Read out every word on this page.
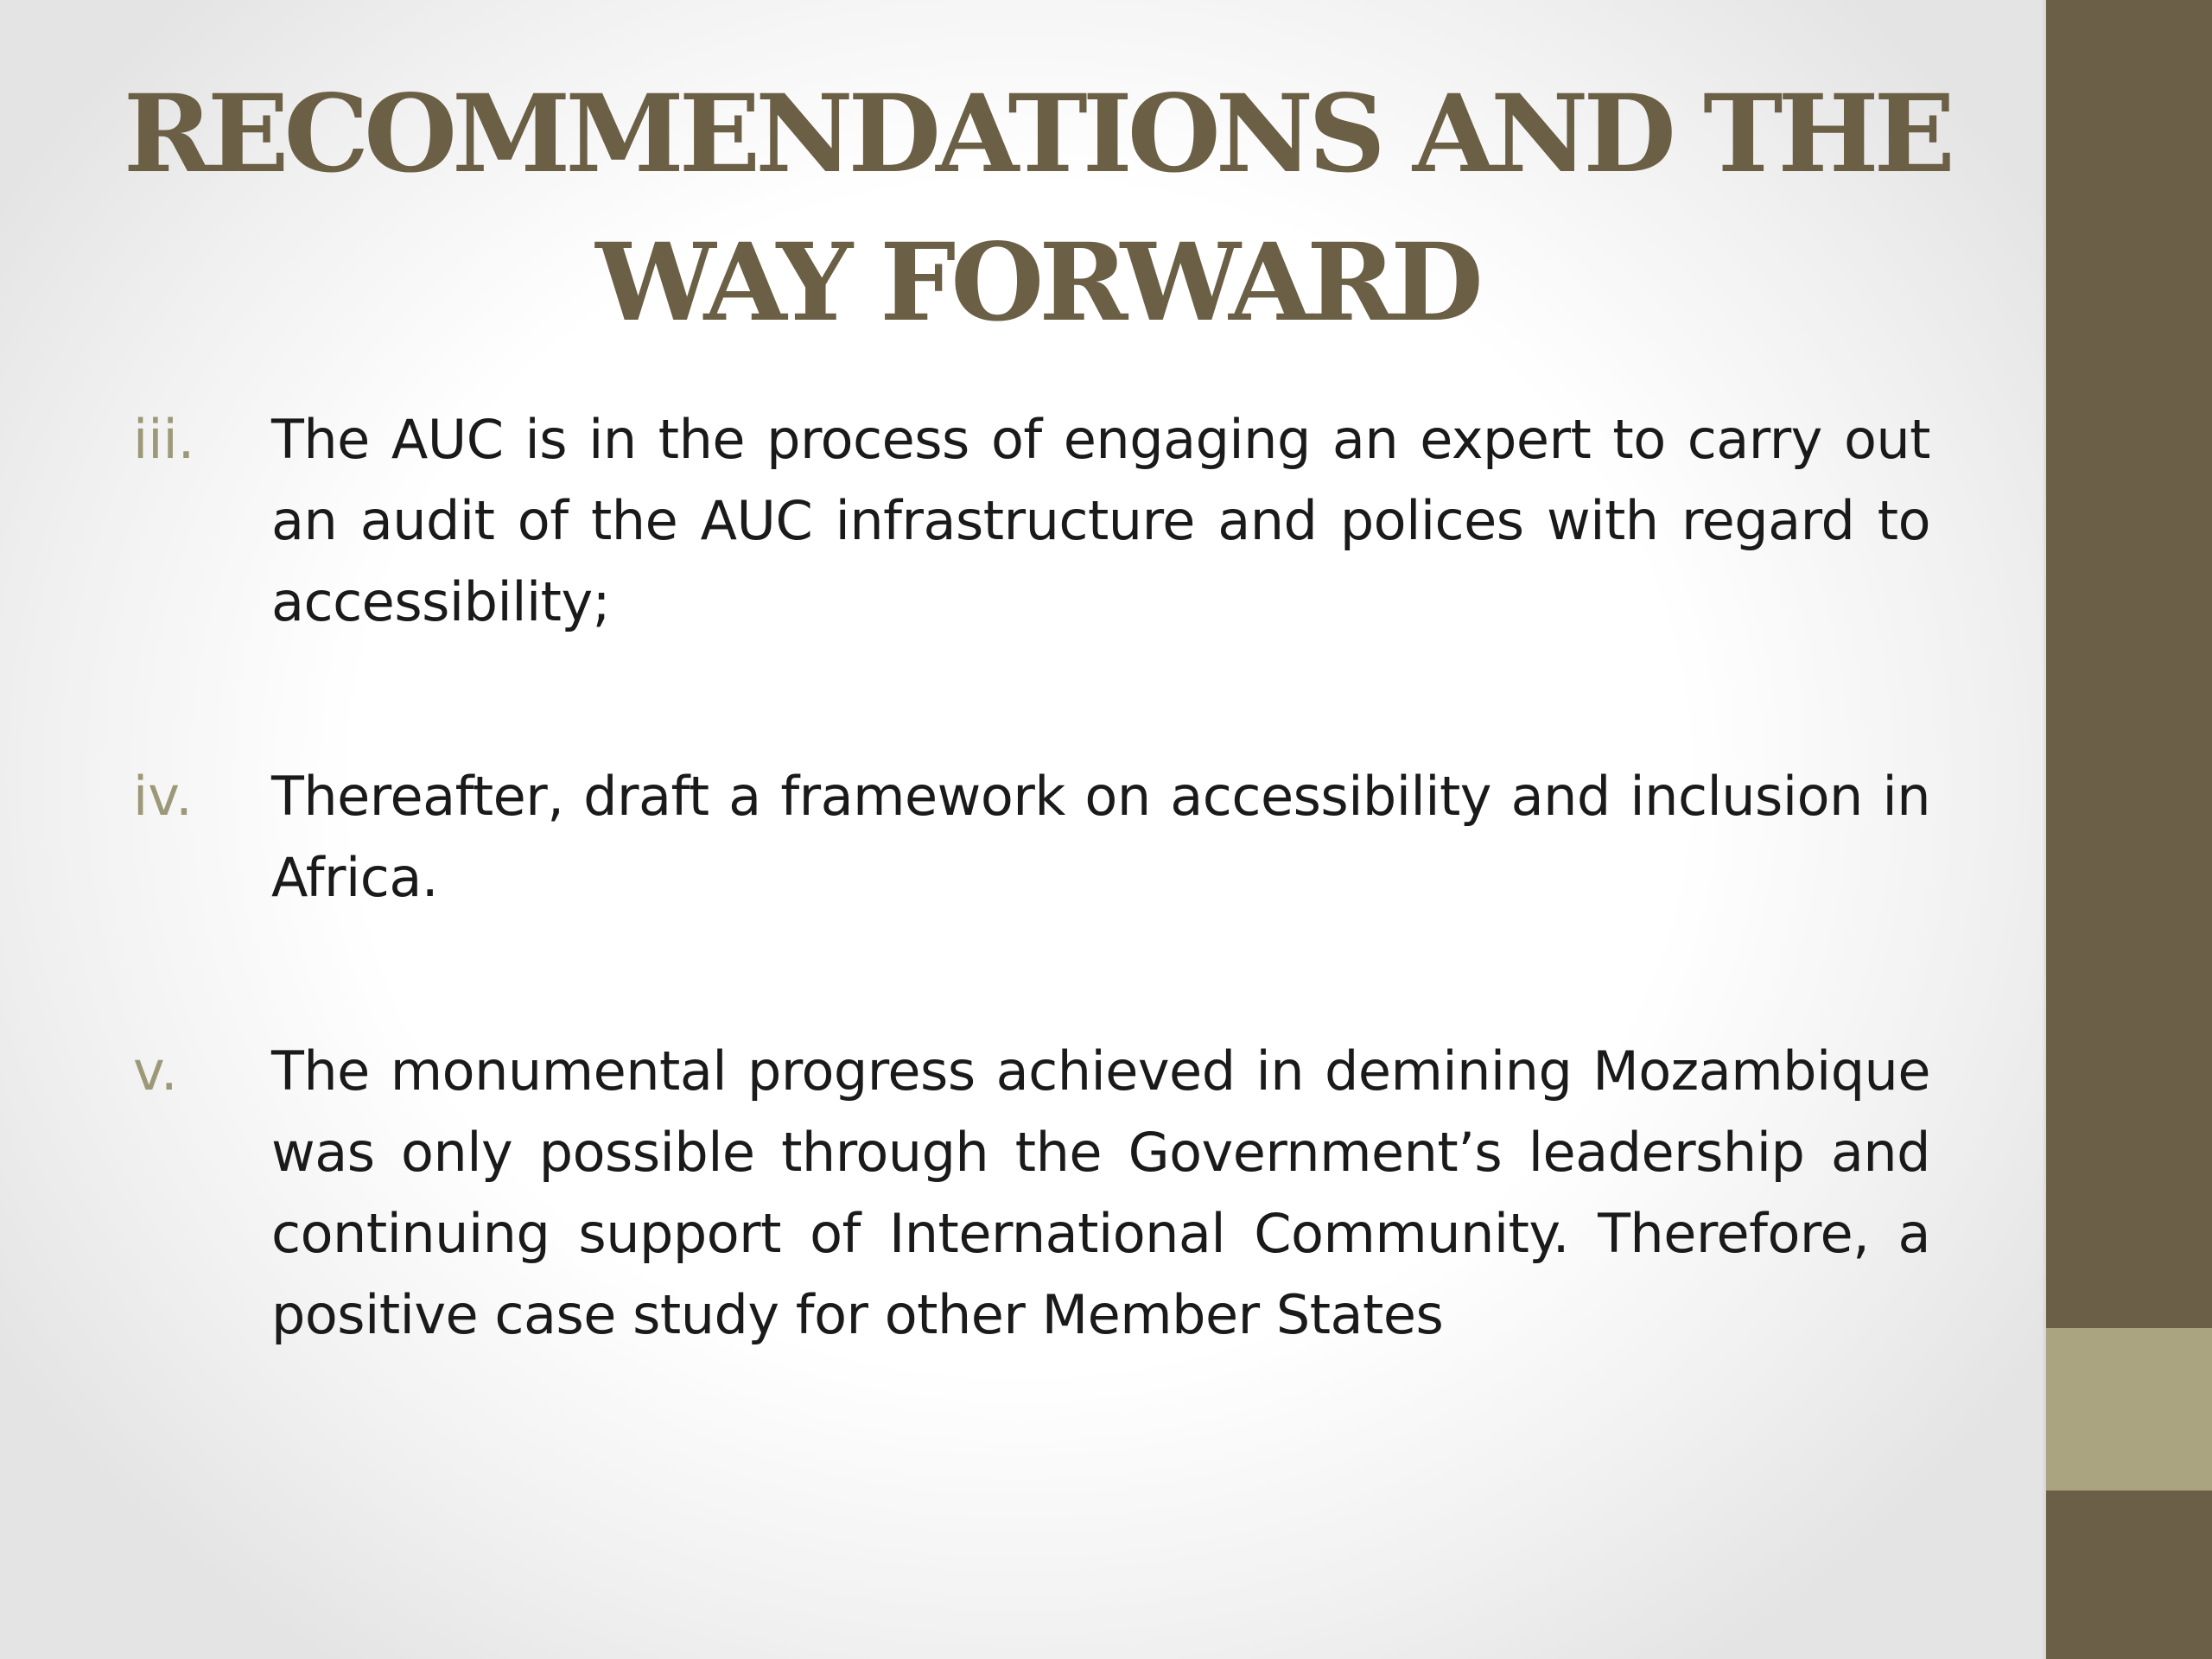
RECOMMENDATIONS AND THE
WAY FORWARD
iii. The AUC is in the process of engaging an expert to carry out an audit of the AUC infrastructure and polices with regard to accessibility;

iv. Thereafter, draft a framework on accessibility and inclusion in Africa.

v. The monumental progress achieved in demining Mozambique was only possible through the Government’s leadership and continuing support of International Community. Therefore, a positive case study for other Member States
